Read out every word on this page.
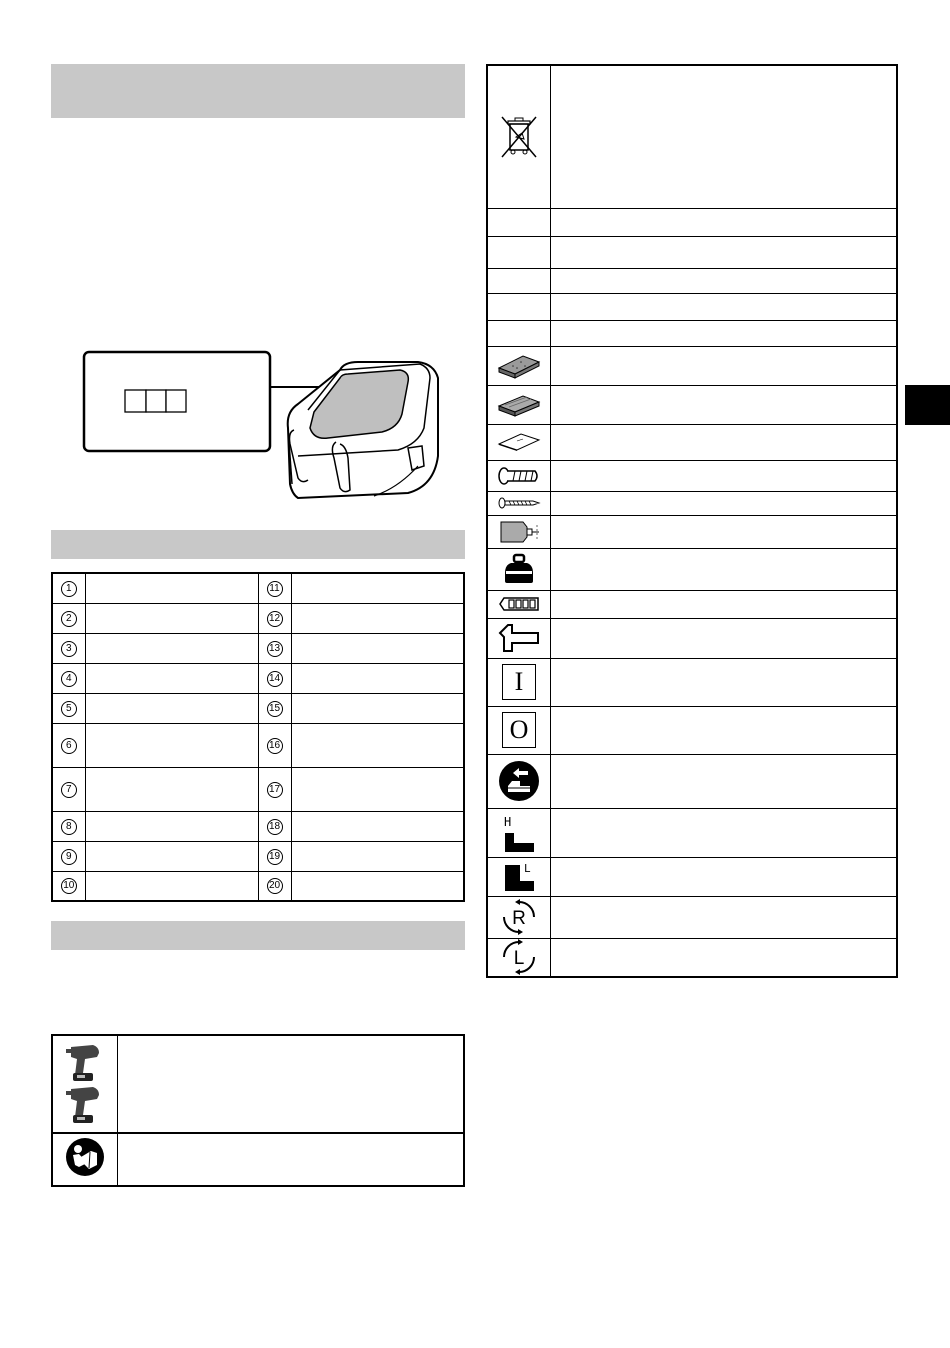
1		11	
2		12	
3		13	
4		14	
5		15	
6		16	
7		17	
8		18	
9		19	
10		20	

I	

O	

H	

L	

R	

L	
